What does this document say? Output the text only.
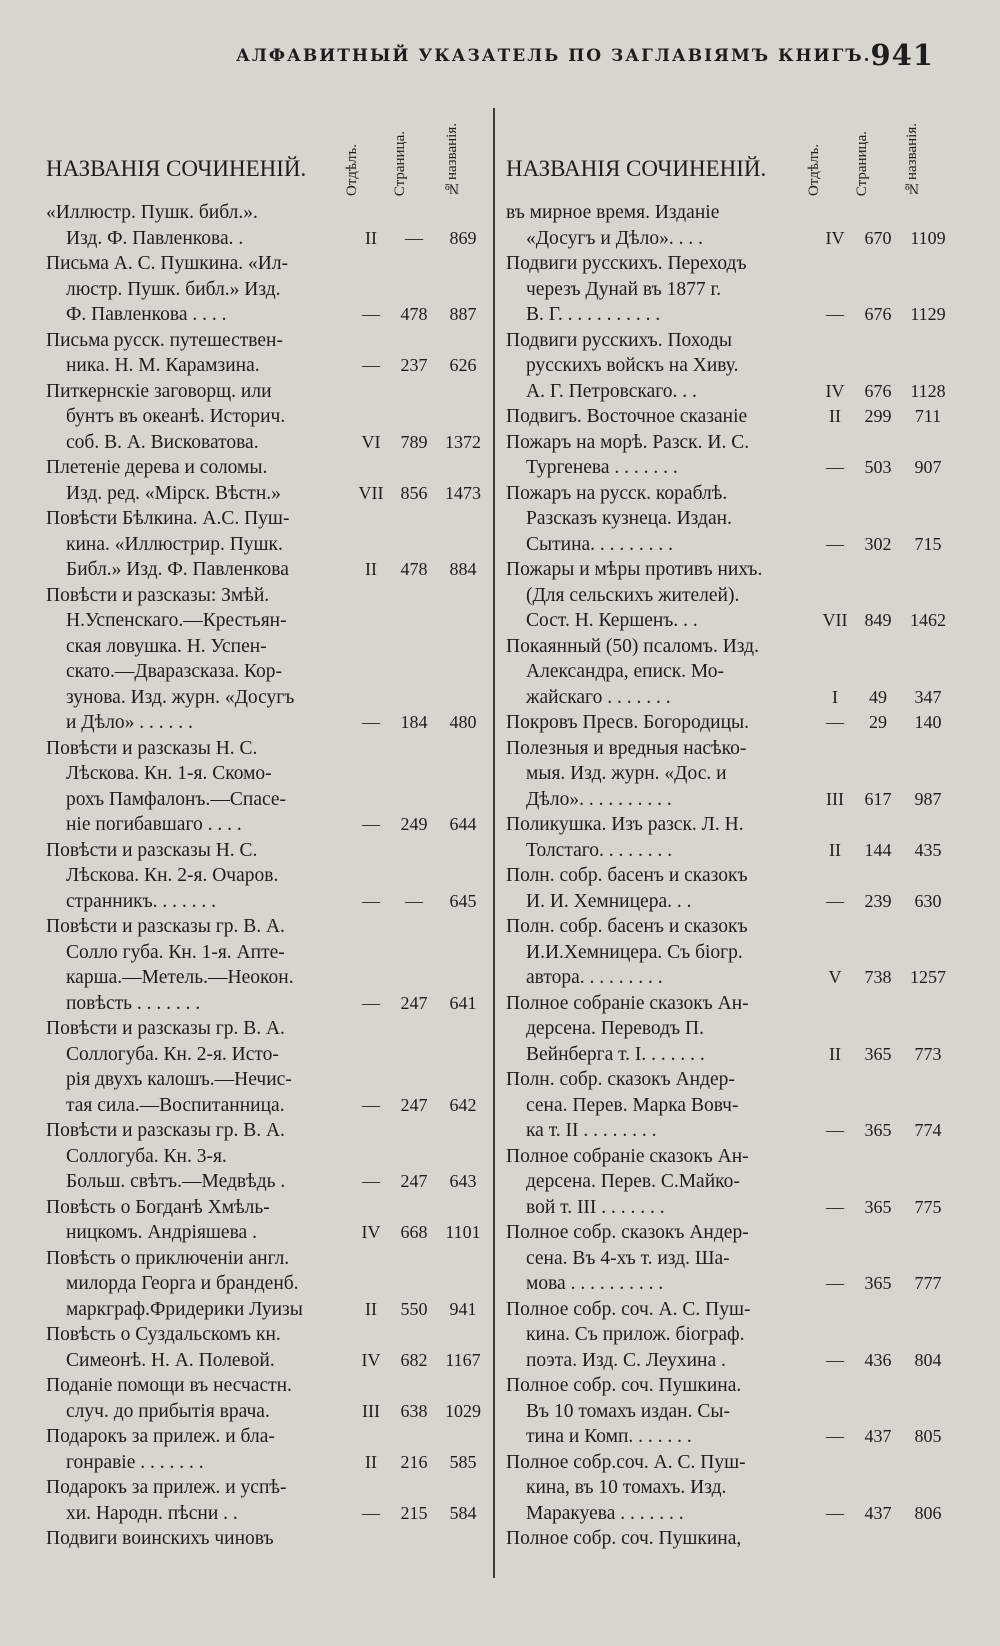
АЛФАВИТНЫЙ УКАЗАТЕЛЬ ПО ЗАГЛАВІЯМЪ КНИГЪ.
941
НАЗВАНІЯ СОЧИНЕНІЙ.	Отдѣлъ. Страница. №названія.
«Иллюстр. Пушк. библ.».
Изд. Ф. Павленкова. .	II	—	869
Письма А. С. Пушкина. «Ил-
люстр. Пушк. библ.» Изд.
Ф. Павленкова . . . .	—	478	887
Письма русск. путешествен-
ника. Н. М. Карамзина.	—	237	626
Питкернскіе заговорщ. или
бунтъ въ океанѣ. Историч.
соб. В. А. Висковатова.	VI	789 1372
Плетеніе дерева и соломы.
Изд. ред. «Мірск. Вѣстн.»	VII 856 1473
Повѣсти Бѣлкина. А.С. Пуш-
кина. «Иллюстрир. Пушк.
Библ.» Изд. Ф. Павленкова	II	478	884
Повѣсти и разсказы: Змѣй.
Н.Успенскаго.—Крестьян-
ская ловушка. Н. Успен-
скато.—Дваразсказа. Кор-
зунова. Изд. журн. «Досугъ
и Дѣло» . . . . . .	—	184	480
Повѣсти и разсказы Н. С.
Лѣскова. Кн. 1-я. Скомо-
рохъ Памфалонъ.—Спасе-
ніе погибавшаго . . . .	—	249	644
Повѣсти и разсказы Н. С.
Лѣскова. Кн. 2-я. Очаров.
странникъ. . . . . . .	—	—	645
Повѣсти и разсказы гр. В. А.
Солло губа. Кн. 1-я. Апте-
карша.—Метель.—Неокон.
повѣсть . . . . . . .	—	247	641
Повѣсти и разсказы гр. В. А.
Соллогуба. Кн. 2-я. Исто-
рія двухъ калошъ.—Нечис-
тая сила.—Воспитанница.	—	247	642
Повѣсти и разсказы гр. В. А.
Соллогуба. Кн. 3-я.
Больш. свѣтъ.—Медвѣдь .	—	247	643
Повѣсть о Богданѣ Хмѣль-
ницкомъ. Андріяшева .	IV	668 1101
Повѣсть о приключеніи англ.
милорда Георга и бранденб.
маркграф.Фридерики Луизы	II	550	941
Повѣсть о Суздальскомъ кн.
Симеонѣ. Н. А. Полевой.	IV	682 1167
Поданіе помощи въ несчастн.
случ. до прибытія врача.	III	638 1029
Подарокъ за прилеж. и бла-
гонравіе . . . . . . .	II	216	585
Подарокъ за прилеж. и успѣ-
хи. Народн. пѣсни . .	—	215	584
Подвиги воинскихъ чиновъ
НАЗВАНІЯ СОЧИНЕНІЙ.	Отдѣлъ. Страница. №названія.
въ мирное время. Изданіе
«Досугъ и Дѣло». . . .	IV	670	1109
Подвиги русскихъ. Переходъ
черезъ Дунай въ 1877 г.
В. Г. . . . . . . . . . .	—	676	1129
Подвиги русскихъ. Походы
русскихъ войскъ на Хиву.
А. Г. Петровскаго. . .	IV	676	1128
Подвигъ. Восточное сказаніе	II	299	711
Пожаръ на морѣ. Разск. И. С.
Тургенева . . . . . . .	—	503	907
Пожаръ на русск. кораблѣ.
Разсказъ кузнеца. Издан.
Сытина. . . . . . . . .	—	302	715
Пожары и мѣры противъ нихъ.
(Для сельскихъ жителей).
Сост. Н. Кершенъ. . .	VII 849	1462
Покаянный (50) псаломъ. Изд.
Александра, еписк. Мо-
жайскаго . . . . . . .	I	49	347
Покровъ Пресв. Богородицы.	—	29	140
Полезныя и вредныя насѣко-
мыя. Изд. журн. «Дос. и
Дѣло». . . . . . . . . .	III	617	987
Поликушка. Изъ разск. Л. Н.
Толстаго. . . . . . . .	II	144	435
Полн. собр. басенъ и сказокъ
И. И. Хемницера. . .	—	239	630
Полн. собр. басенъ и сказокъ
И.И.Хемницера. Съ біогр.
автора. . . . . . . . .	V	738	1257
Полное собраніе сказокъ Ан-
дерсена. Переводъ П.
Вейнберга т. I. . . . . . .	II	365	773
Полн. собр. сказокъ Андер-
сена. Перев. Марка Вовч-
ка т. II . . . . . . . .	—	365	774
Полное собраніе сказокъ Ан-
дерсена. Перев. С.Майко-
вой т. III . . . . . . .	—	365	775
Полное собр. сказокъ Андер-
сена. Въ 4-хъ т. изд. Ша-
мова . . . . . . . . . .	—	365	777
Полное собр. соч. А. С. Пуш-
кина. Съ прилож. біограф.
поэта. Изд. С. Леухина .	—	436	804
Полное собр. соч. Пушкина.
Въ 10 томахъ издан. Сы-
тина и Комп. . . . . . .	—	437	805
Полное собр.соч. А. С. Пуш-
кина, въ 10 томахъ. Изд.
Маракуева . . . . . . .	—	437	806
Полное собр. соч. Пушкина,
